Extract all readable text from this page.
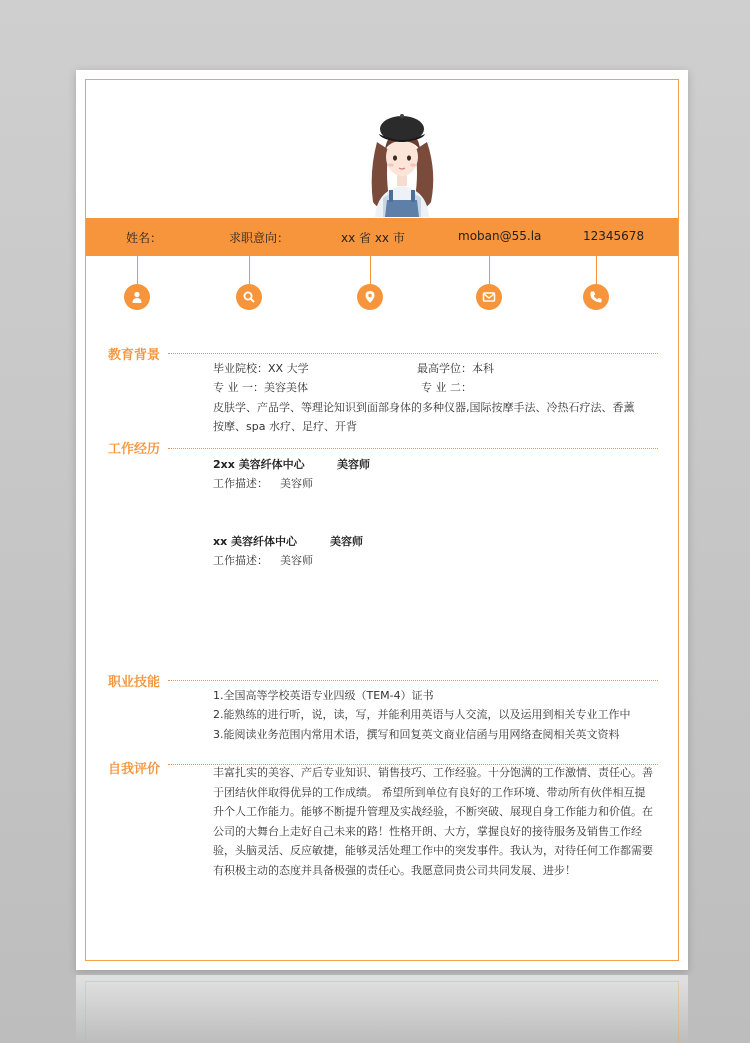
姓名：	求职意向：	xx 省 xx 市	moban@55.la	12345678
教育背景
毕业院校：XX 大学	最高学位：本科
专 业 一：美容美体	专 业 二：
皮肤学、产品学、等理论知识到面部身体的多种仪器,国际按摩手法、冷热石疗法、香薰
按摩、spa 水疗、足疗、开背
工作经历
2xx 美容纤体中心	美容师
工作描述： 美容师
xx 美容纤体中心	美容师
工作描述： 美容师
职业技能
1.全国高等学校英语专业四级（TEM-4）证书
2.能熟练的进行听，说，读，写，并能利用英语与人交流，以及运用到相关专业工作中
3.能阅读业务范围内常用术语，撰写和回复英文商业信函与用网络查阅相关英文资料
自我评价	丰富扎实的美容、产后专业知识、销售技巧、工作经验。十分饱满的工作激情、责任心。善于团结伙伴取得优异的工作成绩。 希望所到单位有良好的工作环境、带动所有伙伴相互提升个人工作能力。能够不断提升管理及实战经验，不断突破、展现自身工作能力和价值。在公司的大舞台上走好自己未来的路！性格开朗、大方，掌握良好的接待服务及销售工作经验，头脑灵活、反应敏捷，能够灵活处理工作中的突发事件。我认为，对待任何工作都需要有积极主动的态度并具备极强的责任心。我愿意同贵公司共同发展、进步！
